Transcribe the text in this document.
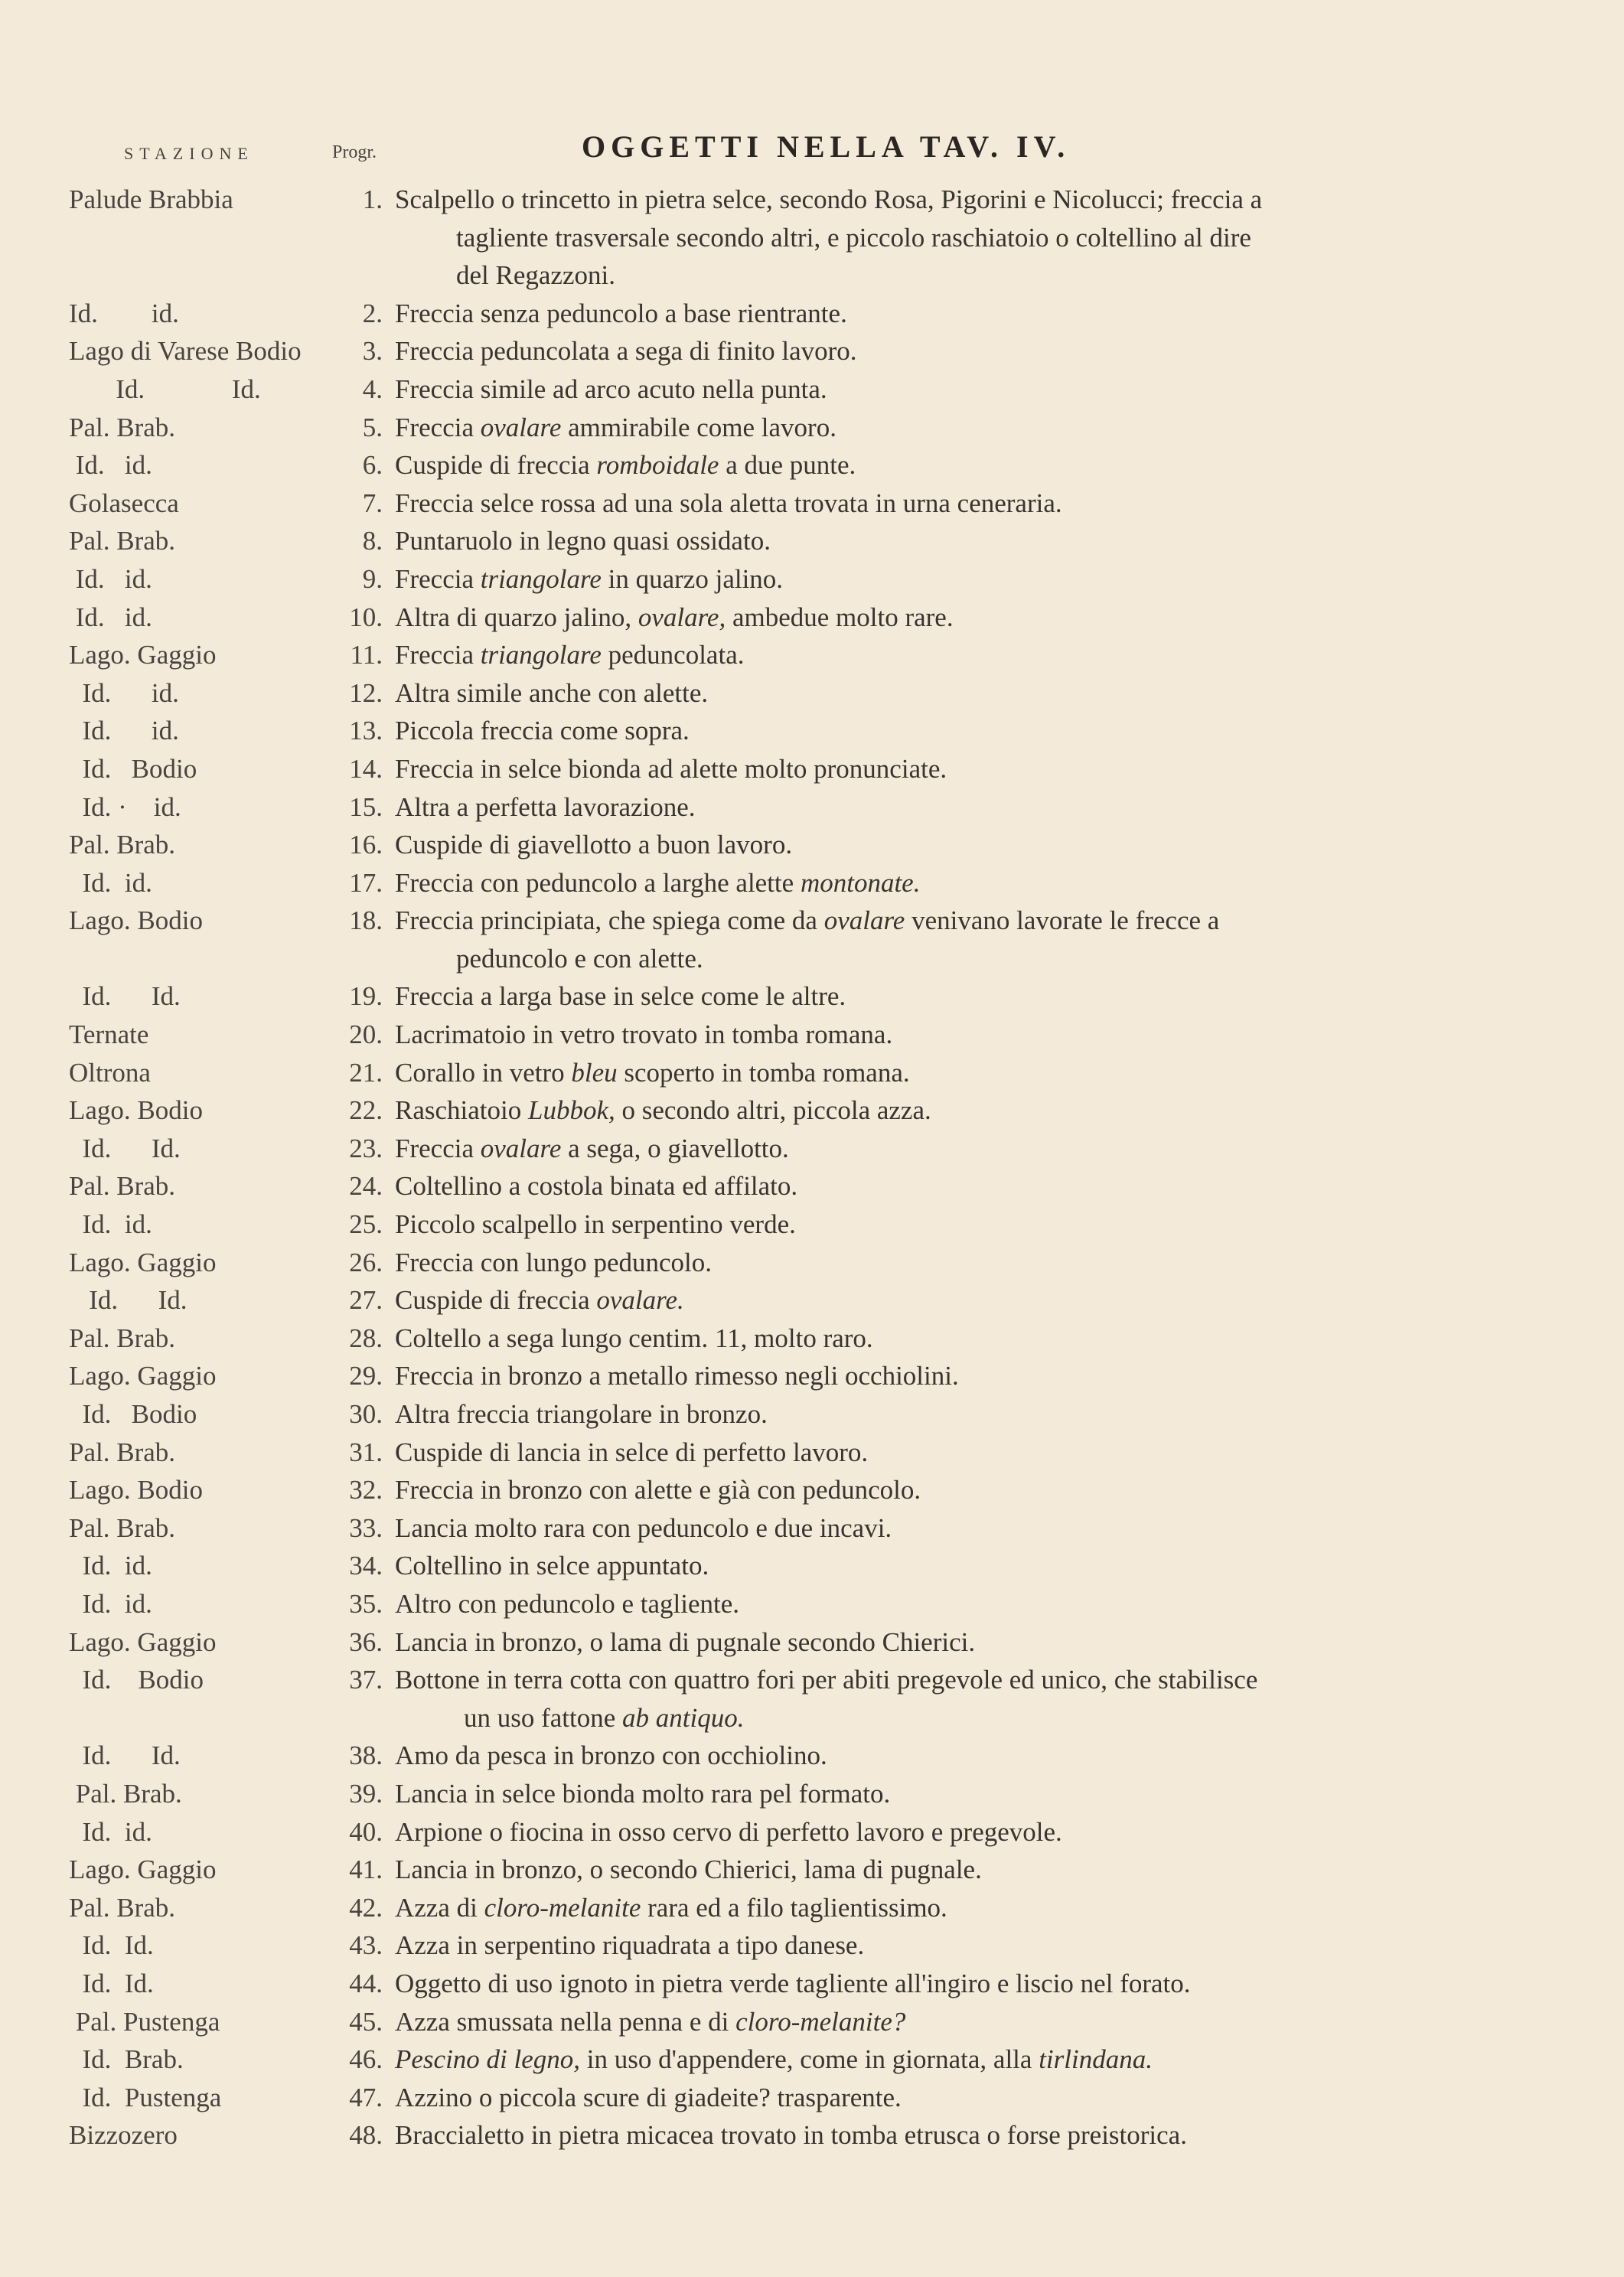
STAZIONE	Progr.	OGGETTI NELLA TAV. IV.
Palude Brabbia	1. Scalpello o trincetto in pietra selce, secondo Rosa, Pigorini e Nicolucci; freccia a
tagliente trasversale secondo altri, e piccolo raschiatoio o coltellino al dire
del Regazzoni.
Id.        id.	2. Freccia senza peduncolo a base rientrante.
Lago di Varese Bodio	3. Freccia peduncolata a sega di finito lavoro.
Id.             Id.	4. Freccia simile ad arco acuto nella punta.
Pal. Brab.	5. Freccia ovalare ammirabile come lavoro.
Id.   id.	6. Cuspide di freccia romboidale a due punte.
Golasecca	7. Freccia selce rossa ad una sola aletta trovata in urna ceneraria.
Pal. Brab.	8. Puntaruolo in legno quasi ossidato.
Id.   id.	9. Freccia triangolare in quarzo jalino.
Id.   id.	10. Altra di quarzo jalino, ovalare, ambedue molto rare.
Lago. Gaggio	11. Freccia triangolare peduncolata.
Id.      id.	12. Altra simile anche con alette.
Id.      id.	13. Piccola freccia come sopra.
Id.   Bodio	14. Freccia in selce bionda ad alette molto pronunciate.
Id. ·    id.	15. Altra a perfetta lavorazione.
Pal. Brab.	16. Cuspide di giavellotto a buon lavoro.
Id.  id.	17. Freccia con peduncolo a larghe alette montonate.
Lago. Bodio	18. Freccia principiata, che spiega come da ovalare venivano lavorate le frecce a
peduncolo e con alette.
Id.      Id.	19. Freccia a larga base in selce come le altre.
Ternate	20. Lacrimatoio in vetro trovato in tomba romana.
Oltrona	21. Corallo in vetro bleu scoperto in tomba romana.
Lago. Bodio	22. Raschiatoio Lubbok, o secondo altri, piccola azza.
Id.      Id.	23. Freccia ovalare a sega, o giavellotto.
Pal. Brab.	24. Coltellino a costola binata ed affilato.
Id.  id.	25. Piccolo scalpello in serpentino verde.
Lago. Gaggio	26. Freccia con lungo peduncolo.
Id.      Id.	27. Cuspide di freccia ovalare.
Pal. Brab.	28. Coltello a sega lungo centim. 11, molto raro.
Lago. Gaggio	29. Freccia in bronzo a metallo rimesso negli occhiolini.
Id.   Bodio	30. Altra freccia triangolare in bronzo.
Pal. Brab.	31. Cuspide di lancia in selce di perfetto lavoro.
Lago. Bodio	32. Freccia in bronzo con alette e già con peduncolo.
Pal. Brab.	33. Lancia molto rara con peduncolo e due incavi.
Id.  id.	34. Coltellino in selce appuntato.
Id.  id.	35. Altro con peduncolo e tagliente.
Lago. Gaggio	36. Lancia in bronzo, o lama di pugnale secondo Chierici.
Id.    Bodio	37. Bottone in terra cotta con quattro fori per abiti pregevole ed unico, che stabilisce
un uso fattone ab antiquo.
Id.      Id.	38. Amo da pesca in bronzo con occhiolino.
Pal. Brab.	39. Lancia in selce bionda molto rara pel formato.
Id.  id.	40. Arpione o fiocina in osso cervo di perfetto lavoro e pregevole.
Lago. Gaggio	41. Lancia in bronzo, o secondo Chierici, lama di pugnale.
Pal. Brab.	42. Azza di cloro-melanite rara ed a filo taglientissimo.
Id.  Id.	43. Azza in serpentino riquadrata a tipo danese.
Id.  Id.	44. Oggetto di uso ignoto in pietra verde tagliente all'ingiro e liscio nel forato.
Pal. Pustenga	45. Azza smussata nella penna e di cloro-melanite?
Id.  Brab.	46. Pescino di legno, in uso d'appendere, come in giornata, alla tirlindana.
Id.  Pustenga	47. Azzino o piccola scure di giadeite? trasparente.
Bizzozero	48. Braccialetto in pietra micacea trovato in tomba etrusca o forse preistorica.
